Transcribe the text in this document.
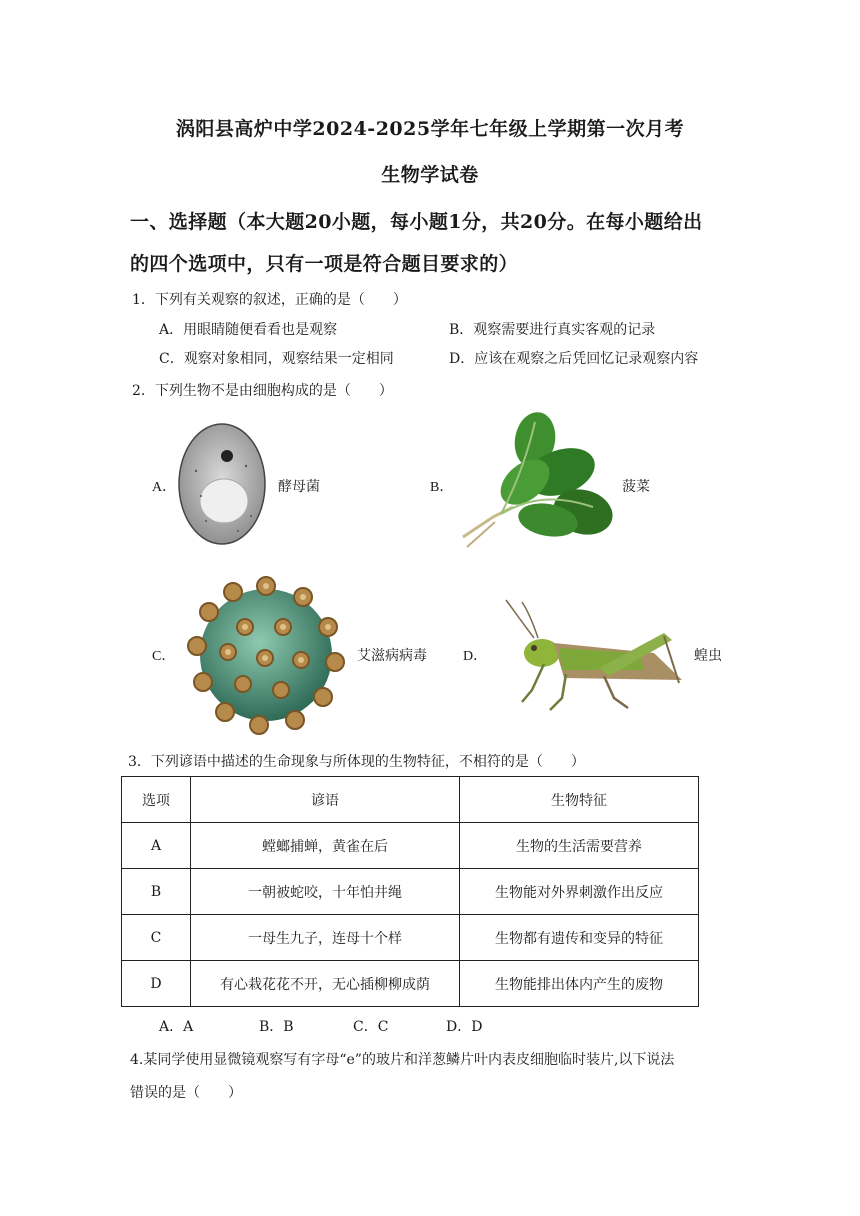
涡阳县高炉中学2024-2025学年七年级上学期第一次月考
生物学试卷
一、选择题（本大题20小题，每小题1分，共20分。在每小题给出
的四个选项中，只有一项是符合题目要求的）
1．下列有关观察的叙述，正确的是（　　）
A．用眼睛随便看看也是观察	B．观察需要进行真实客观的记录
C．观察对象相同，观察结果一定相同	D．应该在观察之后凭回忆记录观察内容
2．下列生物不是由细胞构成的是（　　）
A．	酵母菌	B．	菠菜
C．	艾滋病病毒	D．	蝗虫
3．下列谚语中描述的生命现象与所体现的生物特征，不相符的是（　　）
选项	谚语	生物特征
A	螳螂捕蝉，黄雀在后	生物的生活需要营养
B	一朝被蛇咬，十年怕井绳	生物能对外界刺激作出反应
C	一母生九子，连母十个样	生物都有遗传和变异的特征
D	有心栽花花不开，无心插柳柳成荫	生物能排出体内产生的废物
A．A	B．B	C．C	D．D
4.某同学使用显微镜观察写有字母“e”的玻片和洋葱鳞片叶内表皮细胞临时装片,以下说法
错误的是（　　）
